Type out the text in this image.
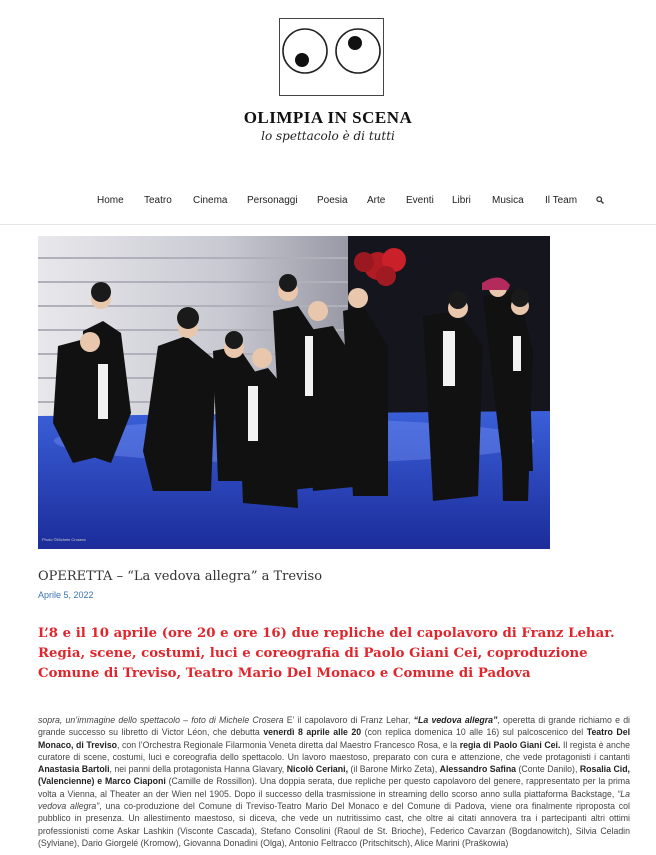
OLIMPIA IN SCENA
lo spettacolo è di tutti
Home Teatro Cinema Personaggi Poesia Arte Eventi Libri Musica Il Team
Photo ©Michele Crosera
OPERETTA – “La vedova allegra” a Treviso
Aprile 5, 2022

L’8 e il 10 aprile (ore 20 e ore 16) due repliche del capolavoro di Franz Lehar. Regia, scene, costumi, luci e coreografia di Paolo Giani Cei, coproduzione Comune di Treviso, Teatro Mario Del Monaco e Comune di Padova

sopra, un’immagine dello spettacolo – foto di Michele Crosera E’ il capolavoro di Franz Lehar, “La vedova allegra”, operetta di grande richiamo e di grande successo su libretto di Victor Léon, che debutta venerdì 8 aprile alle 20 (con replica domenica 10 alle 16) sul palcoscenico del Teatro Del Monaco, di Treviso, con l’Orchestra Regionale Filarmonia Veneta diretta dal Maestro Francesco Rosa, e la regia di Paolo Giani Cei. Il regista è anche curatore di scene, costumi, luci e coreografia dello spettacolo. Un lavoro maestoso, preparato con cura e attenzione, che vede protagonisti i cantanti Anastasia Bartoli, nei panni della protagonista Hanna Glavary, Nicolò Ceriani, (il Barone Mirko Zeta), Alessandro Safina (Conte Danilo), Rosalia Cid, (Valencienne) e Marco Ciaponi (Camille de Rossillon). Una doppia serata, due repliche per questo capolavoro del genere, rappresentato per la prima volta a Vienna, al Theater an der Wien nel 1905. Dopo il successo della trasmissione in streaming dello scorso anno sulla piattaforma Backstage, “La vedova allegra”, una co-produzione del Comune di Treviso-Teatro Mario Del Monaco e del Comune di Padova, viene ora finalmente riproposta col pubblico in presenza. Un allestimento maestoso, si diceva, che vede un nutritissimo cast, che oltre ai citati annovera tra i partecipanti altri ottimi professionisti come Askar Lashkin (Visconte Cascada), Stefano Consolini (Raoul de St. Brioche), Federico Cavarzan (Bogdanowitch), Silvia Celadin (Sylviane), Dario Giorgelé (Kromow), Giovanna Donadini (Olga), Antonio Feltracco (Pritschitsch), Alice Marini (Praškowia)
